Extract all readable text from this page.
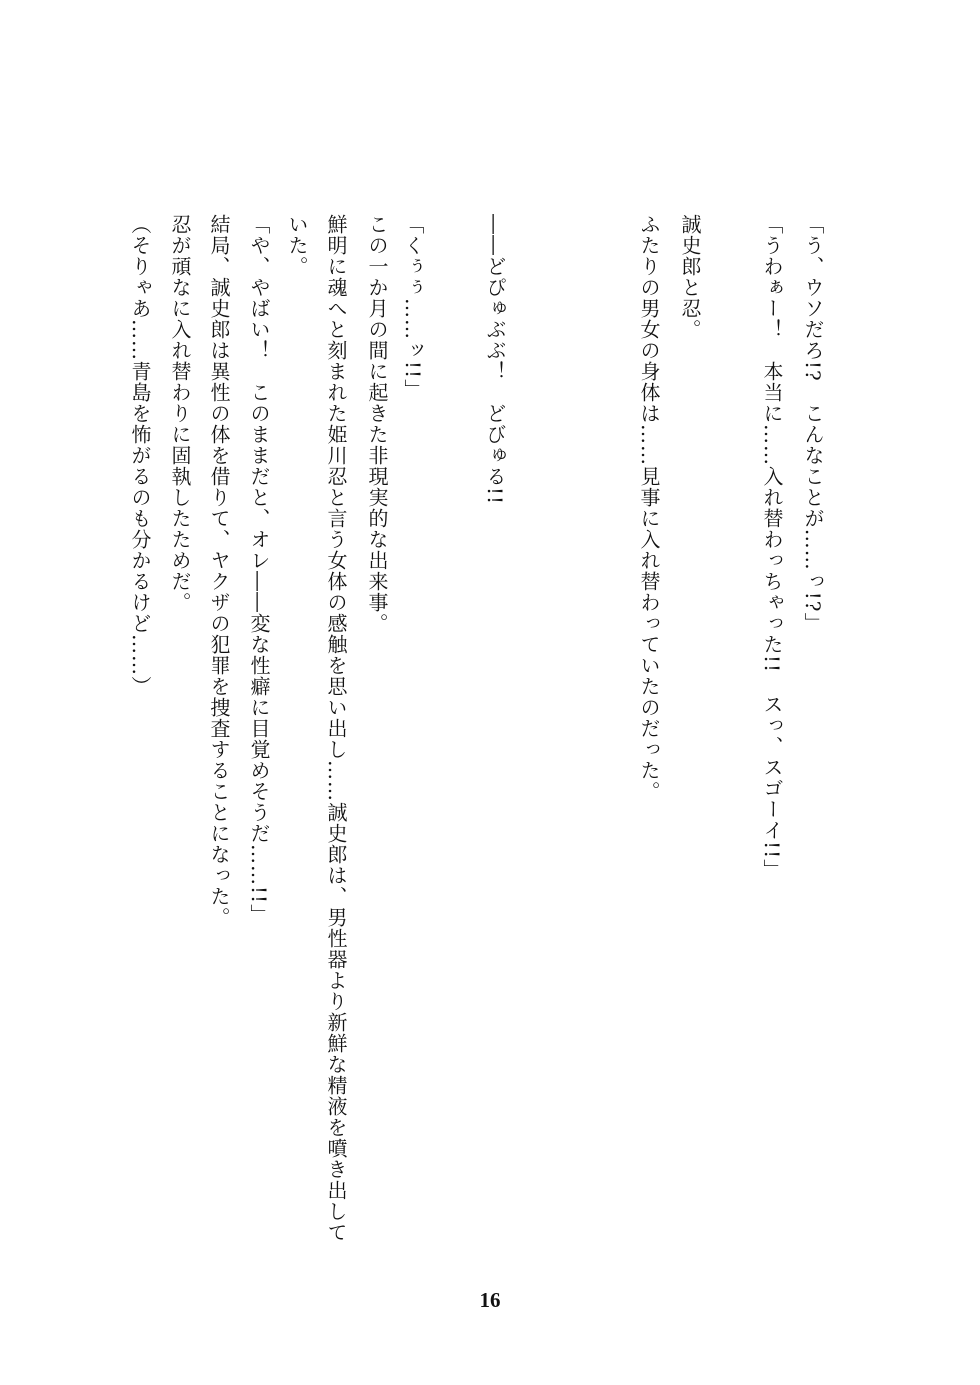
「う、ウソだろ!?　こんなことが……っ!?」
「うわぁー！　本当に……入れ替わっちゃった!!　スっ、スゴーイ!!」
誠史郎と忍。
ふたりの男女の身体は……見事に入れ替わっていたのだった。
――どぴゅぶぶ！　どびゅる!!
「くぅぅ……ッ!!」
この一か月の間に起きた非現実的な出来事。
鮮明に魂へと刻まれた姫川忍と言う女体の感触を思い出し……誠史郎は、男性器より新鮮な精液を噴き出して
いた。
「や、やばい！　このままだと、オレ――変な性癖に目覚めそうだ……!!」
結局、誠史郎は異性の体を借りて、ヤクザの犯罪を捜査することになった。
忍が頑なに入れ替わりに固執したためだ。
（そりゃあ……青島を怖がるのも分かるけど……）
16
